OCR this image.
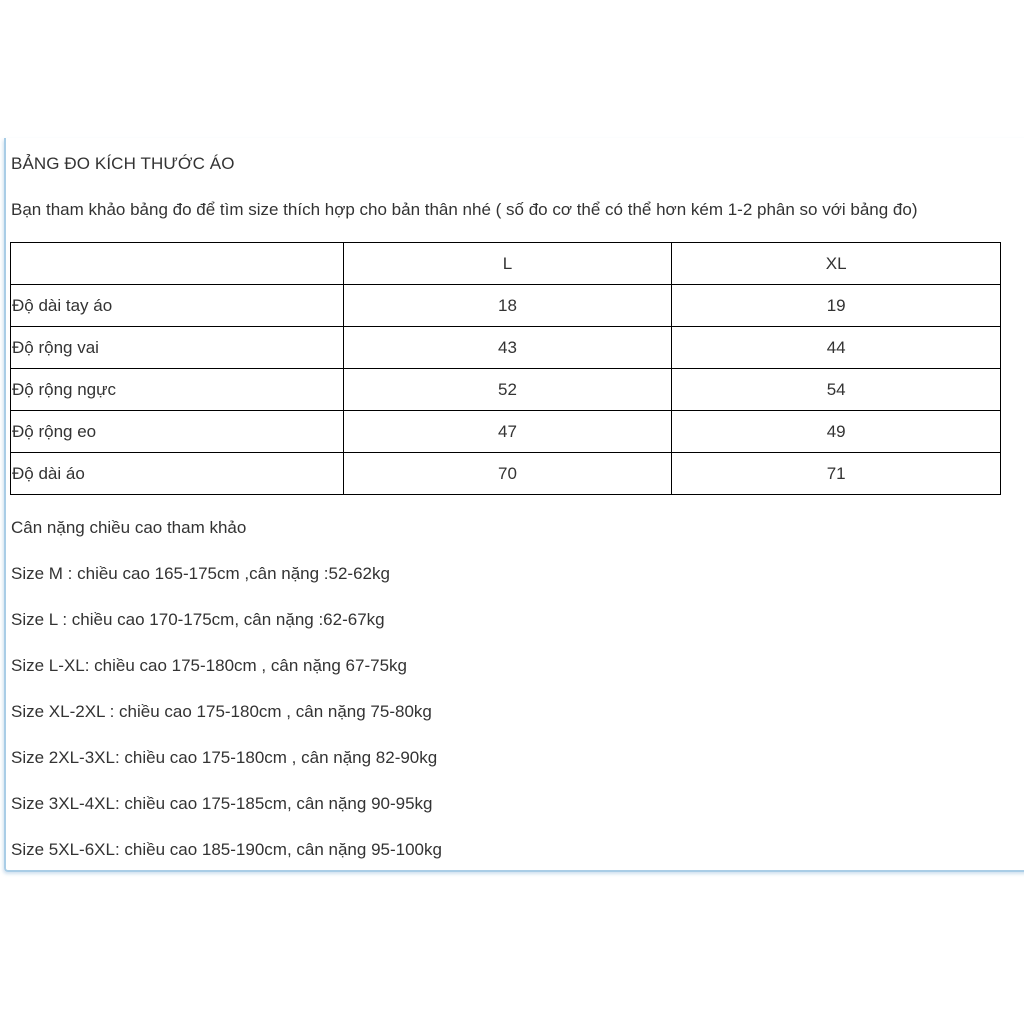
BẢNG ĐO KÍCH THƯỚC ÁO
Bạn tham khảo bảng đo để tìm size thích hợp cho bản thân nhé ( số đo cơ thể có thể hơn kém 1-2 phân so với bảng đo)
	L	XL
Độ dài tay áo	18	19
Độ rộng vai	43	44
Độ rộng ngực	52	54
Độ rộng eo	47	49
Độ dài áo	70	71
Cân nặng chiều cao tham khảo
Size M : chiều cao 165-175cm ,cân nặng :52-62kg
Size L : chiều cao 170-175cm, cân nặng :62-67kg
Size L-XL: chiều cao 175-180cm , cân nặng 67-75kg
Size XL-2XL : chiều cao 175-180cm , cân nặng 75-80kg
Size 2XL-3XL: chiều cao 175-180cm , cân nặng 82-90kg
Size 3XL-4XL: chiều cao 175-185cm, cân nặng 90-95kg
Size 5XL-6XL: chiều cao 185-190cm, cân nặng 95-100kg
